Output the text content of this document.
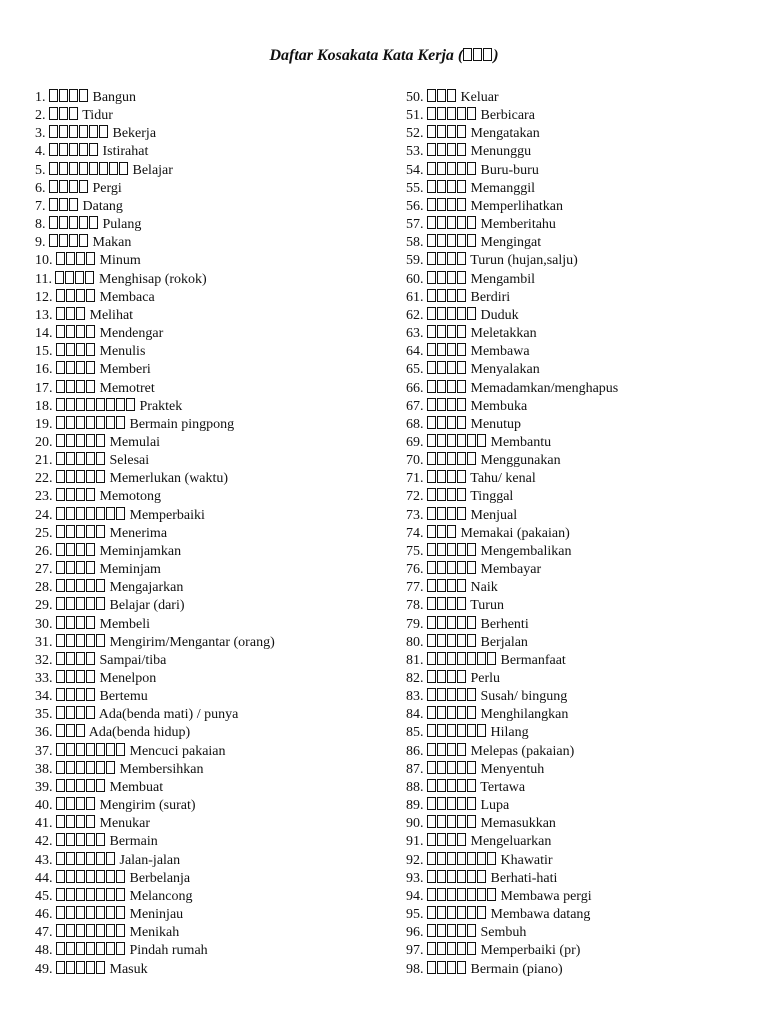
Daftar Kosakata Kata Kerja ( )
1.	Bangun
2.	Tidur
3.	Bekerja
4.	Istirahat
5.	Belajar
6.	Pergi
7.	Datang
8.	Pulang
9.	Makan
10.	Minum
11.	Menghisap (rokok)
12.	Membaca
13.	Melihat
14.	Mendengar
15.	Menulis
16.	Memberi
17.	Memotret
18.	Praktek
19.	Bermain pingpong
20.	Memulai
21.	Selesai
22.	Memerlukan (waktu)
23.	Memotong
24.	Memperbaiki
25.	Menerima
26.	Meminjamkan
27.	Meminjam
28.	Mengajarkan
29.	Belajar (dari)
30.	Membeli
31.	Mengirim/Mengantar (orang)
32.	Sampai/tiba
33.	Menelpon
34.	Bertemu
35.	Ada(benda mati) / punya
36.	Ada(benda hidup)
37.	Mencuci pakaian
38.	Membersihkan
39.	Membuat
40.	Mengirim (surat)
41.	Menukar
42.	Bermain
43.	Jalan-jalan
44.	Berbelanja
45.	Melancong
46.	Meninjau
47.	Menikah
48.	Pindah rumah
49.	Masuk
50.	Keluar
51.	Berbicara
52.	Mengatakan
53.	Menunggu
54.	Buru-buru
55.	Memanggil
56.	Memperlihatkan
57.	Memberitahu
58.	Mengingat
59.	Turun (hujan,salju)
60.	Mengambil
61.	Berdiri
62.	Duduk
63.	Meletakkan
64.	Membawa
65.	Menyalakan
66.	Memadamkan/menghapus
67.	Membuka
68.	Menutup
69.	Membantu
70.	Menggunakan
71.	Tahu/ kenal
72.	Tinggal
73.	Menjual
74.	Memakai (pakaian)
75.	Mengembalikan
76.	Membayar
77.	Naik
78.	Turun
79.	Berhenti
80.	Berjalan
81.	Bermanfaat
82.	Perlu
83.	Susah/ bingung
84.	Menghilangkan
85.	Hilang
86.	Melepas (pakaian)
87.	Menyentuh
88.	Tertawa
89.	Lupa
90.	Memasukkan
91.	Mengeluarkan
92.	Khawatir
93.	Berhati-hati
94.	Membawa pergi
95.	Membawa datang
96.	Sembuh
97.	Memperbaiki (pr)
98.	Bermain (piano)
